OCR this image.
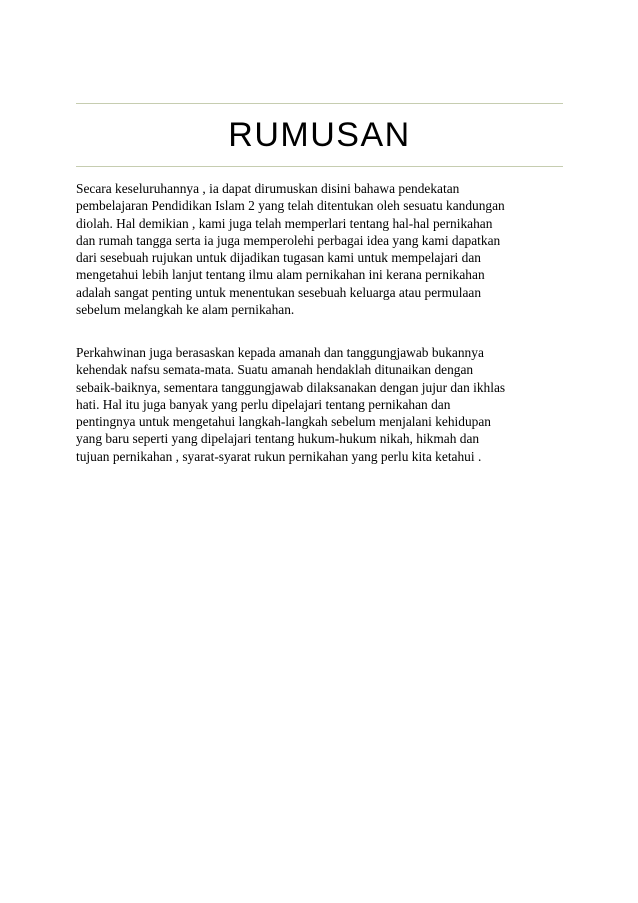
RUMUSAN
Secara keseluruhannya , ia dapat dirumuskan disini bahawa pendekatan
pembelajaran Pendidikan Islam 2 yang telah ditentukan oleh sesuatu kandungan
diolah. Hal demikian , kami juga telah memperlari tentang hal-hal pernikahan
dan rumah tangga serta ia juga memperolehi perbagai idea yang kami dapatkan
dari sesebuah rujukan untuk dijadikan tugasan kami untuk mempelajari dan
mengetahui lebih lanjut tentang ilmu alam pernikahan ini kerana pernikahan
adalah sangat penting untuk menentukan sesebuah keluarga atau permulaan
sebelum melangkah ke alam pernikahan.
Perkahwinan juga berasaskan kepada amanah dan tanggungjawab bukannya
kehendak nafsu semata-mata. Suatu amanah hendaklah ditunaikan dengan
sebaik-baiknya, sementara tanggungjawab dilaksanakan dengan jujur dan ikhlas
hati. Hal itu juga banyak yang perlu dipelajari tentang pernikahan dan
pentingnya untuk mengetahui langkah-langkah sebelum menjalani kehidupan
yang baru seperti yang dipelajari tentang hukum-hukum nikah, hikmah dan
tujuan pernikahan , syarat-syarat rukun pernikahan yang perlu kita ketahui .
